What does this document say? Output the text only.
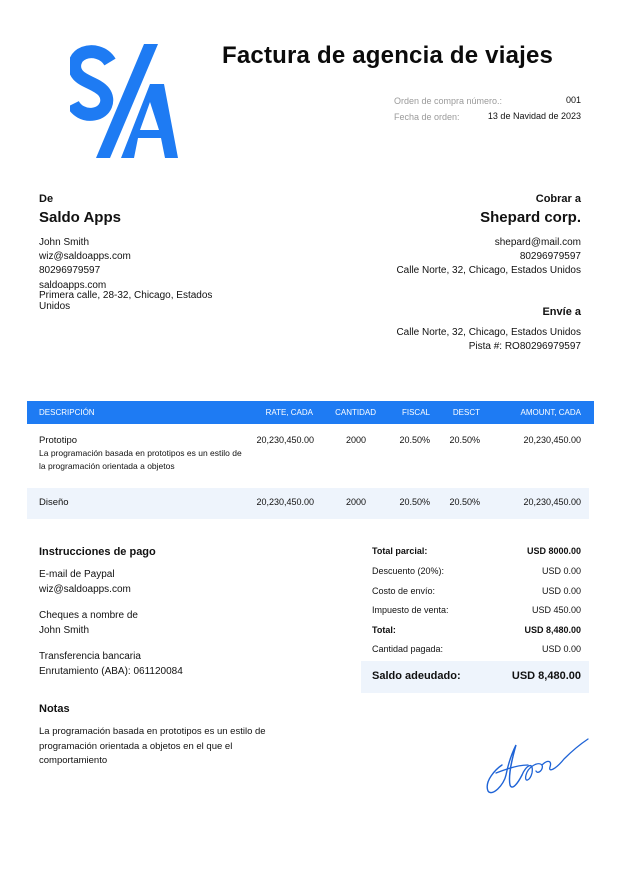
Factura de agencia de viajes
Orden de compra número.:	001
Fecha de orden:	13 de Navidad de 2023
De
Saldo Apps
John Smith
wiz@saldoapps.com
80296979597
saldoapps.com
Primera calle, 28-32, Chicago, Estados Unidos
Cobrar a
Shepard corp.
shepard@mail.com
80296979597
Calle Norte, 32, Chicago, Estados Unidos
Envíe a
Calle Norte, 32, Chicago, Estados Unidos
Pista #: RO80296979597
DESCRIPCIÓN	RATE, CADA	CANTIDAD	FISCAL	DESCT	AMOUNT, CADA
Prototipo
La programación basada en prototipos es un estilo de la programación orientada a objetos
20,230,450.00	2000	20.50% 20.50%	20,230,450.00
Diseño	20,230,450.00	2000	20.50% 20.50%	20,230,450.00
Instrucciones de pago
E-mail de Paypal
wiz@saldoapps.com
Cheques a nombre de
John Smith
Transferencia bancaria
Enrutamiento (ABA): 061120084
Total parcial:	USD 8000.00
Descuento (20%):	USD 0.00
Costo de envío:	USD 0.00
Impuesto de venta:	USD 450.00
Total:	USD 8,480.00
Cantidad pagada:	USD 0.00
Saldo adeudado:	USD 8,480.00
Notas
La programación basada en prototipos es un estilo de programación orientada a objetos en el que el comportamiento
